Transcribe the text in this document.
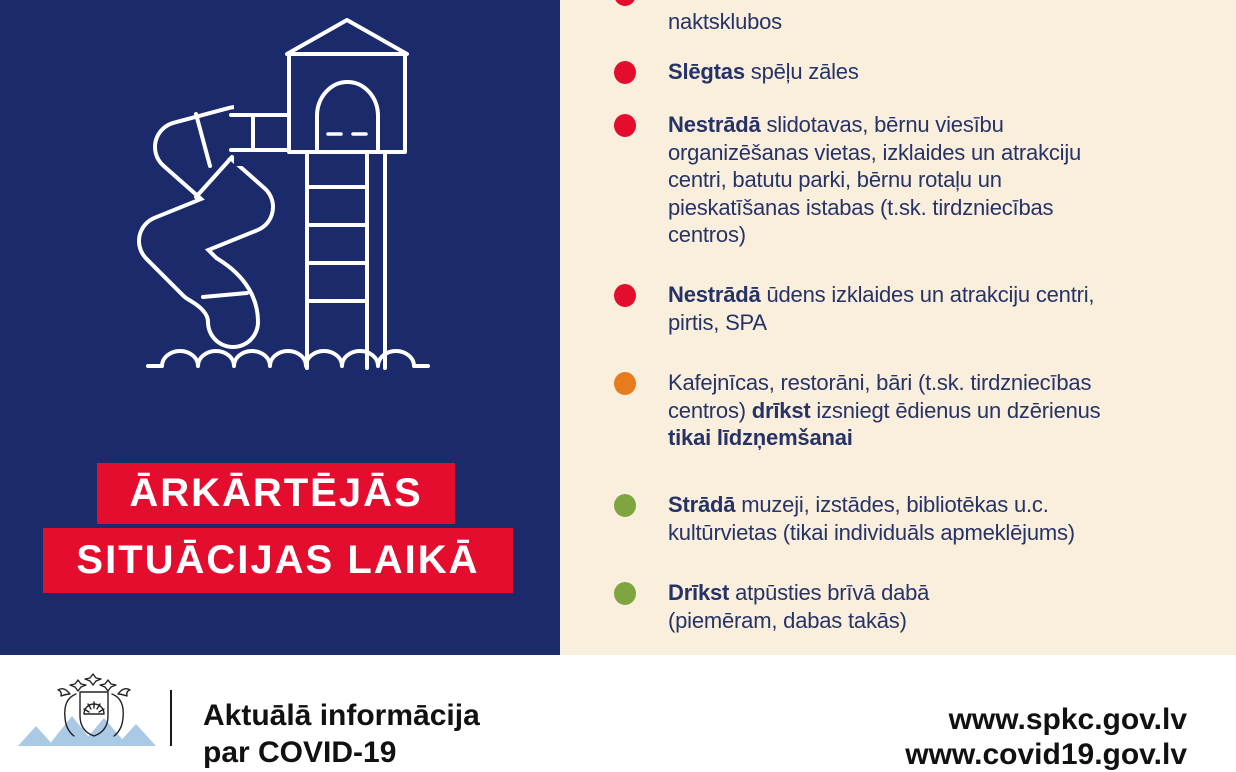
ĀRKĀRTĒJĀS
SITUĀCIJAS LAIKĀ

naktsklubos
Slēgtas spēļu zāles
Nestrādā slidotavas, bērnu viesību
organizēšanas vietas, izklaides un atrakciju
centri, batutu parki, bērnu rotaļu un
pieskatīšanas istabas (t.sk. tirdzniecības
centros)
Nestrādā ūdens izklaides un atrakciju centri,
pirtis, SPA
Kafejnīcas, restorāni, bāri (t.sk. tirdzniecības
centros) drīkst izsniegt ēdienus un dzērienus
tikai līdzņemšanai
Strādā muzeji, izstādes, bibliotēkas u.c.
kultūrvietas (tikai individuāls apmeklējums)
Drīkst atpūsties brīvā dabā
(piemēram, dabas takās)
Aktuālā informācija
par COVID-19
www.spkc.gov.lv
www.covid19.gov.lv
